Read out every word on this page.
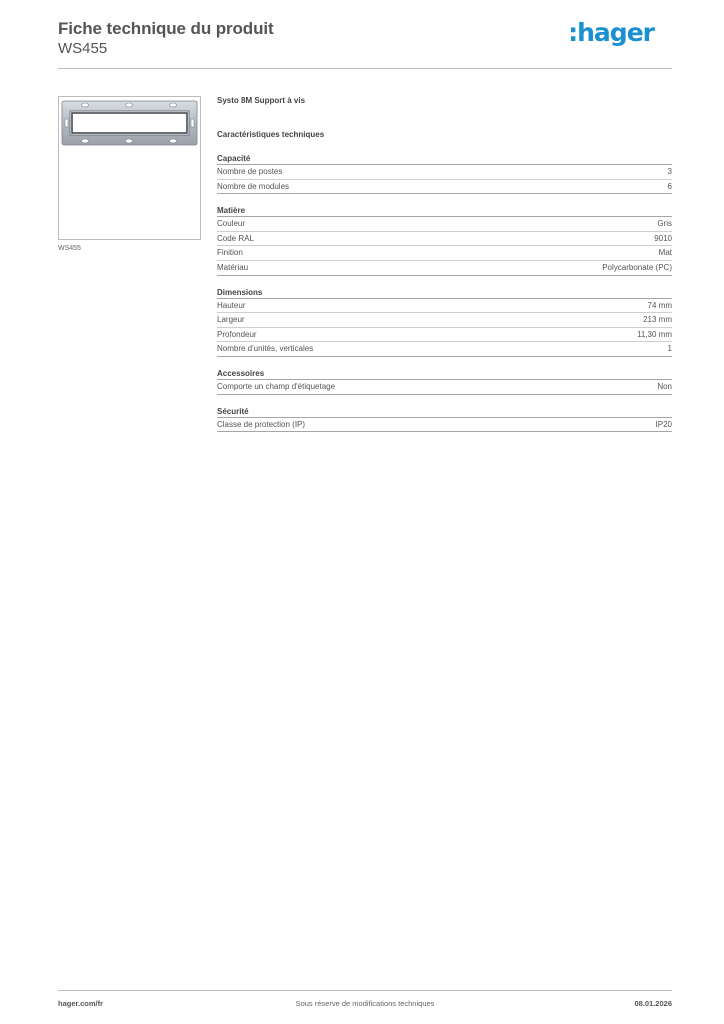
Fiche technique du produit
WS455
:hager
WS455
Systo 8M Support à vis
Caractéristiques techniques
Capacité
Nombre de postes	3
Nombre de modules	6
Matière
Couleur	Gris
Code RAL	9010
Finition	Mat
Matériau	Polycarbonate (PC)
Dimensions
Hauteur	74 mm
Largeur	213 mm
Profondeur	11,30 mm
Nombre d'unités, verticales	1
Accessoires
Comporte un champ d'étiquetage	Non
Sécurité
Classe de protection (IP)	IP20
Sous réserve de modifications techniques
hager.com/fr	08.01.2026
